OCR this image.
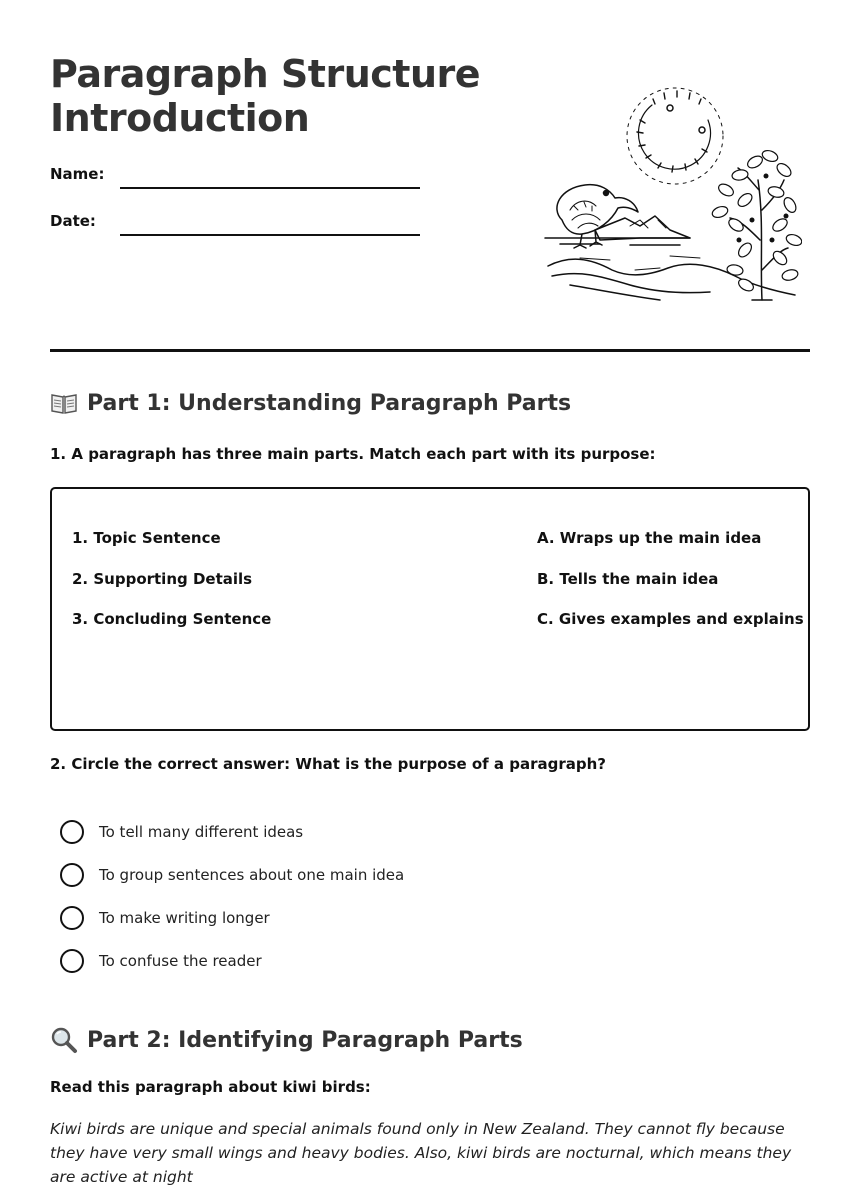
Paragraph Structure
Introduction
Name:
Date:
Part 1: Understanding Paragraph Parts

1. A paragraph has three main parts. Match each part with its purpose:

1. Topic Sentence
2. Supporting Details
3. Concluding Sentence
A. Wraps up the main idea
B. Tells the main idea
C. Gives examples and explains

2. Circle the correct answer: What is the purpose of a paragraph?

To tell many different ideas
To group sentences about one main idea
To make writing longer
To confuse the reader
Part 2: Identifying Paragraph Parts

Read this paragraph about kiwi birds:

Kiwi birds are unique and special animals found only in New Zealand. They cannot fly because they have very small wings and heavy bodies. Also, kiwi birds are nocturnal, which means they are active at night
